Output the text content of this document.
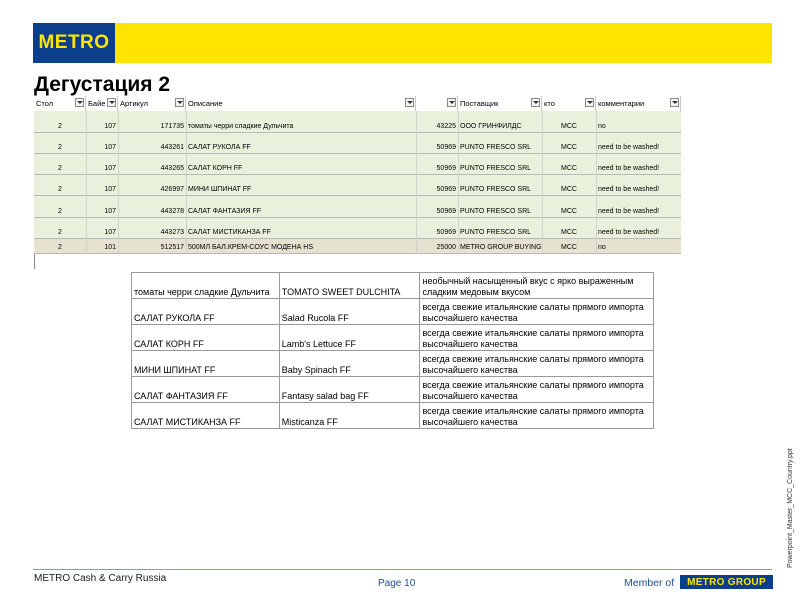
METRO
Дегустация 2
Стол	Байе	Артикул	Описание	Поставщик	кто	комментарии
2	107	171735 томаты черри сладкие Дульчита	43225 ООО ГРИНФИЛДС	MCC	no
2	107	443261 САЛАТ РУКОЛА FF	50969 PUNTO FRESCO SRL	MCC	need to be washed!
2	107	443265 САЛАТ КОРН FF	50969 PUNTO FRESCO SRL	MCC	need to be washed!
2	107	426997 МИНИ ШПИНАТ FF	50969 PUNTO FRESCO SRL	MCC	need to be washed!
2	107	443278 САЛАТ ФАНТАЗИЯ FF	50969 PUNTO FRESCO SRL	MCC	need to be washed!
2	107	443273 САЛАТ МИСТИКАНЗА FF	50969 PUNTO FRESCO SRL	MCC	need to be washed!
2	101	512517 500МЛ БАЛ.КРЕМ-СОУС МОДЕНА HS	25000 METRO GROUP BUYING	MCC	no
томаты черри сладкие Дульчита	TOMATO SWEET DULCHITA	необычный насыщенный вкус с ярко выраженным сладким медовым вкусом
САЛАТ РУКОЛА FF	Salad Rucola FF	всегда свежие итальянские салаты прямого импорта высочайшего качества
САЛАТ КОРН FF	Lamb's Lettuce FF	всегда свежие итальянские салаты прямого импорта высочайшего качества
МИНИ ШПИНАТ FF	Baby Spinach FF	всегда свежие итальянские салаты прямого импорта высочайшего качества
САЛАТ ФАНТАЗИЯ FF	Fantasy salad bag FF	всегда свежие итальянские салаты прямого импорта высочайшего качества
САЛАТ МИСТИКАНЗА FF	Misticanza FF	всегда свежие итальянские салаты прямого импорта высочайшего качества
Powerpoint_Master_MCC_Country.ppt
METRO Cash & Carry Russia	Page 10	Member of METRO GROUP
